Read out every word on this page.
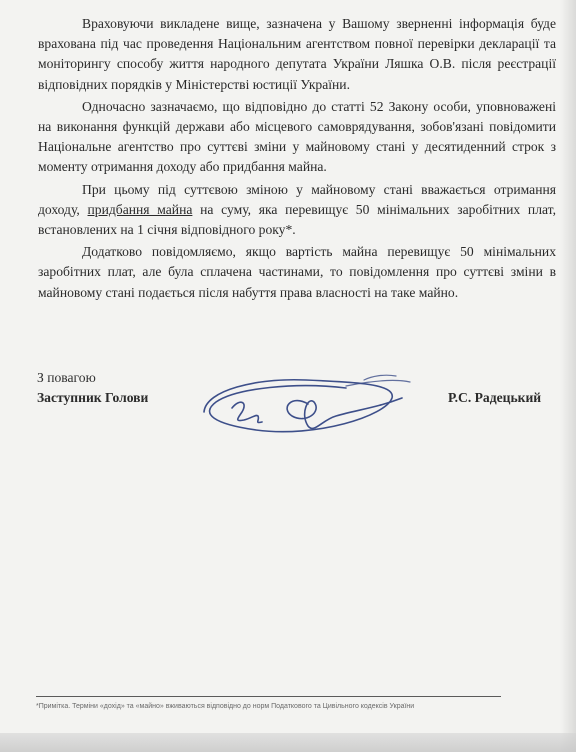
Враховуючи викладене вище, зазначена у Вашому зверненні інформація буде врахована під час проведення Національним агентством повної перевірки декларації та моніторингу способу життя народного депутата України Ляшка О.В. після реєстрації відповідних порядків у Міністерстві юстиції України.

Одночасно зазначаємо, що відповідно до статті 52 Закону особи, уповноважені на виконання функцій держави або місцевого самоврядування, зобов'язані повідомити Національне агентство про суттєві зміни у майновому стані у десятиденний строк з моменту отримання доходу або придбання майна.

При цьому під суттєвою зміною у майновому стані вважається отримання доходу, придбання майна на суму, яка перевищує 50 мінімальних заробітних плат, встановлених на 1 січня відповідного року*.

Додатково повідомляємо, якщо вартість майна перевищує 50 мінімальних заробітних плат, але була сплачена частинами, то повідомлення про суттєві зміни в майновому стані подається після набуття права власності на таке майно.

З повагою
Заступник Голови	Р.С. Радецький
*Примітка. Терміни «дохід» та «майно» вживаються відповідно до норм Податкового та Цивільного кодексів України
